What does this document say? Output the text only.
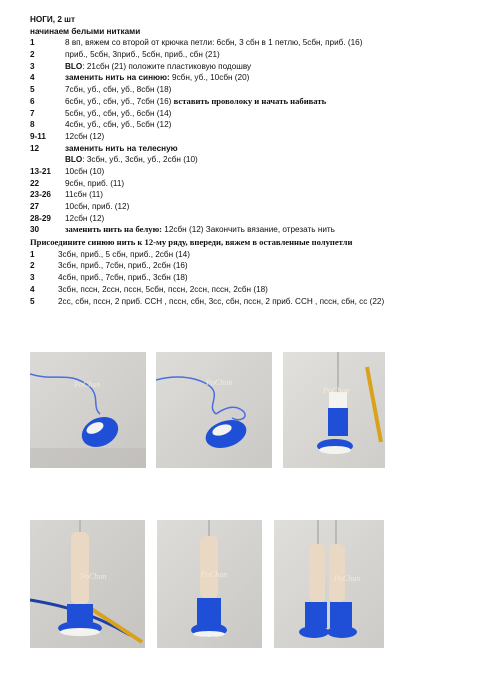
НОГИ, 2 шт
начинаем белыми нитками
1	8 вп, вяжем со второй от крючка петли: 6сбн, 3 сбн в 1 петлю, 5сбн, приб. (16)
2	приб., 5сбн, 3приб., 5сбн, приб., сбн (21)
3	BLO: 21сбн (21) положите пластиковую подошву
4	заменить нить на синюю: 9сбн, уб., 10сбн (20)
5	7сбн, уб., сбн, уб., 8сбн (18)
6	6сбн, уб., сбн, уб., 7сбн (16) вставить проволоку и начать набивать
7	5сбн, уб., сбн, уб., 6сбн (14)
8	4сбн, уб., сбн, уб., 5сбн (12)
9-11 12сбн (12)
12	заменить нить на телесную
BLO: 3сбн, уб., 3сбн, уб., 2сбн (10)
13-21 10сбн (10)
22	9сбн, приб. (11)
23-26 11сбн (11)
27	10сбн, приб. (12)
28-29 12сбн (12)
30	заменить нить на белую: 12сбн (12) Закончить вязание, отрезать нить
Присоедините синюю нить к 12-му ряду, впереди, вяжем в оставленные полупетли
1	3сбн, приб., 5 сбн, приб., 2сбн (14)
2	3сбн, приб., 7сбн, приб., 2сбн (16)
3	4сбн, приб., 7сбн, приб., 3сбн (18)
4	3сбн, пссн, 2ссн, пссн, 5сбн, пссн, 2ссн, пссн, 2сбн (18)
5	2сс, сбн, пссн, 2 приб. ССН , пссн, сбн, 3сс, сбн, пссн, 2 приб. ССН , пссн, сбн, сс (22)
PoChun	PoChun
PoChun
PoChun	PoChun	PoChun
